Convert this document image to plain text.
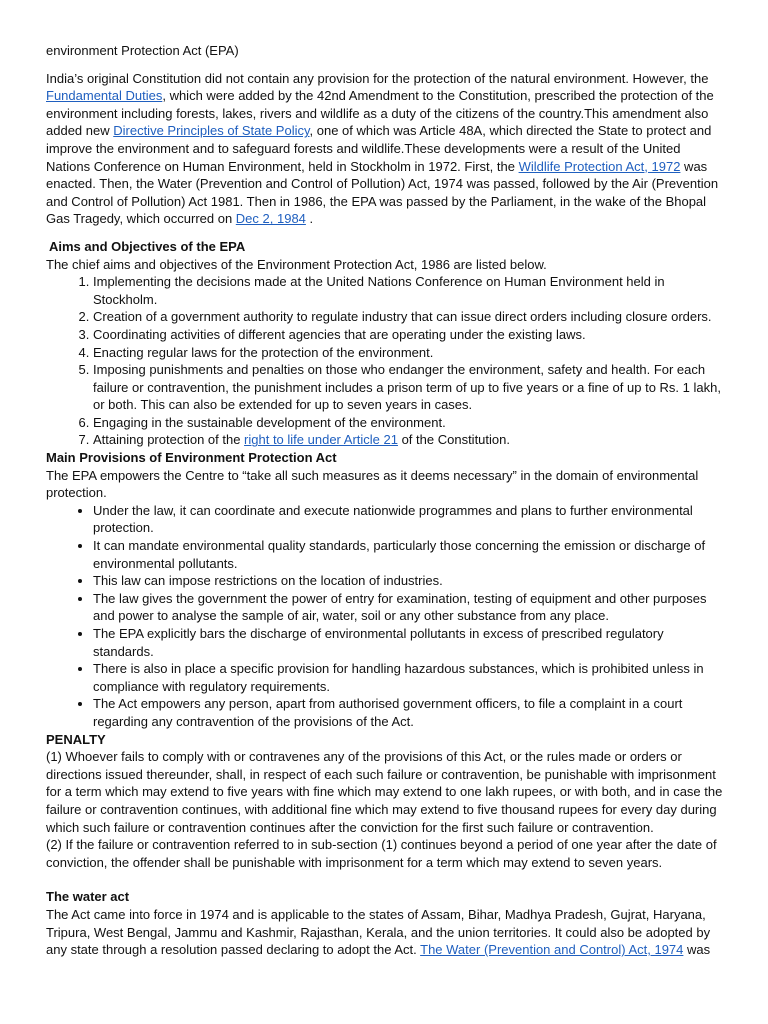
environment Protection Act (EPA)

India’s original Constitution did not contain any provision for the protection of the natural environment. However, the Fundamental Duties, which were added by the 42nd Amendment to the Constitution, prescribed the protection of the environment including forests, lakes, rivers and wildlife as a duty of the citizens of the country.This amendment also added new Directive Principles of State Policy, one of which was Article 48A, which directed the State to protect and improve the environment and to safeguard forests and wildlife.These developments were a result of the United Nations Conference on Human Environment, held in Stockholm in 1972. First, the Wildlife Protection Act, 1972 was enacted. Then, the Water (Prevention and Control of Pollution) Act, 1974 was passed, followed by the Air (Prevention and Control of Pollution) Act 1981. Then in 1986, the EPA was passed by the Parliament, in the wake of the Bhopal Gas Tragedy, which occurred on Dec 2, 1984 .

Aims and Objectives of the EPA

The chief aims and objectives of the Environment Protection Act, 1986 are listed below.

1. Implementing the decisions made at the United Nations Conference on Human Environment held in Stockholm.
2. Creation of a government authority to regulate industry that can issue direct orders including closure orders.
3. Coordinating activities of different agencies that are operating under the existing laws.
4. Enacting regular laws for the protection of the environment.
5. Imposing punishments and penalties on those who endanger the environment, safety and health. For each failure or contravention, the punishment includes a prison term of up to five years or a fine of up to Rs. 1 lakh, or both. This can also be extended for up to seven years in cases.
6. Engaging in the sustainable development of the environment.
7. Attaining protection of the right to life under Article 21 of the Constitution.

Main Provisions of Environment Protection Act

The EPA empowers the Centre to “take all such measures as it deems necessary” in the domain of environmental protection.

• Under the law, it can coordinate and execute nationwide programmes and plans to further environmental protection.
• It can mandate environmental quality standards, particularly those concerning the emission or discharge of environmental pollutants.
• This law can impose restrictions on the location of industries.
• The law gives the government the power of entry for examination, testing of equipment and other purposes and power to analyse the sample of air, water, soil or any other substance from any place.
• The EPA explicitly bars the discharge of environmental pollutants in excess of prescribed regulatory standards.
• There is also in place a specific provision for handling hazardous substances, which is prohibited unless in compliance with regulatory requirements.
• The Act empowers any person, apart from authorised government officers, to file a complaint in a court regarding any contravention of the provisions of the Act.

PENALTY

(1) Whoever fails to comply with or contravenes any of the provisions of this Act, or the rules made or orders or directions issued thereunder, shall, in respect of each such failure or contravention, be punishable with imprisonment for a term which may extend to five years with fine which may extend to one lakh rupees, or with both, and in case the failure or contravention continues, with additional fine which may extend to five thousand rupees for every day during which such failure or contravention continues after the conviction for the first such failure or contravention.

(2) If the failure or contravention referred to in sub-section (1) continues beyond a period of one year after the date of conviction, the offender shall be punishable with imprisonment for a term which may extend to seven years.

The water act

The Act came into force in 1974 and is applicable to the states of Assam, Bihar, Madhya Pradesh, Gujrat, Haryana, Tripura, West Bengal, Jammu and Kashmir, Rajasthan, Kerala, and the union territories. It could also be adopted by any state through a resolution passed declaring to adopt the Act. The Water (Prevention and Control) Act, 1974 was
